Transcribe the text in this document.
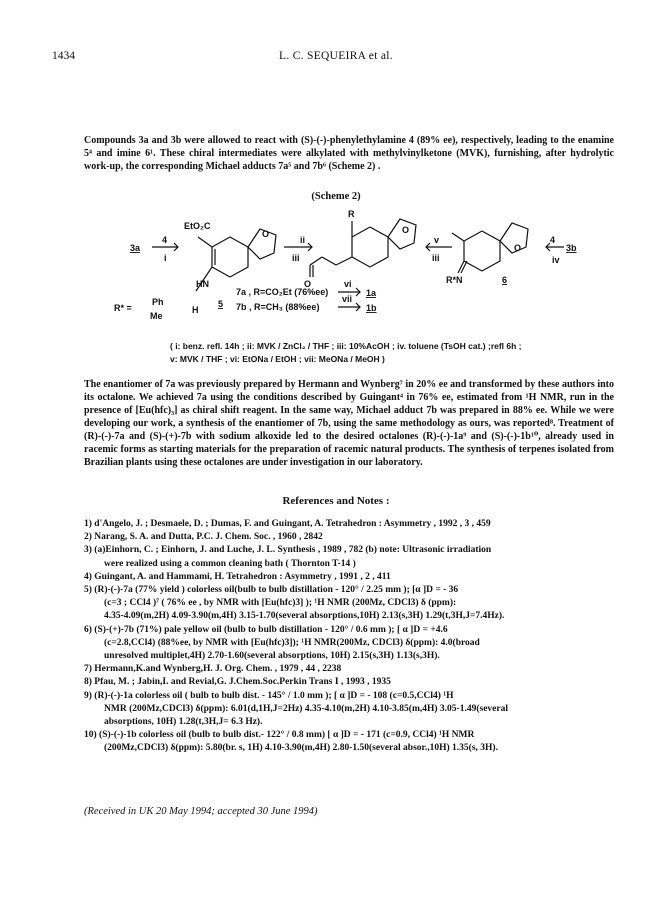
1434	L. C. SEQUEIRA et al.
Compounds 3a and 3b were allowed to react with (S)-(-)-phenylethylamine 4 (89% ee), respectively, leading to the enamine 5⁴ and imine 6¹. These chiral intermediates were alkylated with methylvinylketone (MVK), furnishing, after hydrolytic work-up, the corresponding Michael adducts 7a⁵ and 7b⁶ (Scheme 2) .
(Scheme 2)
EtO₂C
3a
4
i
O
HN
R* =
Ph
Me
H
5
ii
iii
R
O
O
v
iii
O
4
3b
iv
R*N	6
7a , R=CO₂Et (76%ee)
7b , R=CH₃ (88%ee)
vi
vii
1a
1b
( i: benz. refl. 14h ; ii: MVK / ZnCl₂ / THF ; iii: 10%AcOH ; iv. toluene (TsOH cat.) ;refl 6h ; v: MVK / THF ; vi: EtONa / EtOH ; vii: MeONa / MeOH )
The enantiomer of 7a was previously prepared by Hermann and Wynberg⁷ in 20% ee and transformed by these authors into its octalone. We achieved 7a using the conditions described by Guingant⁴ in 76% ee, estimated from ¹H NMR, run in the presence of [Eu(hfc)₃] as chiral shift reagent. In the same way, Michael adduct 7b was prepared in 88% ee. While we were developing our work, a synthesis of the enantiomer of 7b, using the same methodology as ours, was reported⁸. Treatment of (R)-(-)-7a and (S)-(+)-7b with sodium alkoxide led to the desired octalones (R)-(-)-1a⁹ and (S)-(-)-1b¹⁰, already used in racemic forms as starting materials for the preparation of racemic natural products. The synthesis of terpenes isolated from Brazilian plants using these octalones are under investigation in our laboratory.
References and Notes :
1) d'Angelo, J. ; Desmaele, D. ; Dumas, F. and Guingant, A. Tetrahedron : Asymmetry , 1992 , 3 , 459
2) Narang, S. A. and Dutta, P.C. J. Chem. Soc. , 1960 , 2842
3) (a)Einhorn, C. ; Einhorn, J. and Luche, J. L. Synthesis , 1989 , 782 (b) note: Ultrasonic irradiation
were realized using a common cleaning bath ( Thornton T-14 )
4) Guingant, A. and Hammami, H. Tetrahedron : Asymmetry , 1991 , 2 , 411
5) (R)-(-)-7a (77% yield ) colorless oil(bulb to bulb distillation - 120° / 2.25 mm ); [α ]D = - 36
(c=3 ; CCl4 )⁷ ( 76% ee , by NMR with [Eu(hfc)3] ); ¹H NMR (200Mz, CDCl3) δ (ppm):
4.35-4.09(m,2H) 4.09-3.90(m,4H) 3.15-1.70(several absorptions,10H) 2.13(s,3H) 1.29(t,3H,J=7.4Hz).
6) (S)-(+)-7b (71%) pale yellow oil (bulb to bulb distillation - 120° / 0.6 mm ); [ α ]D = +4.6
(c=2.8,CCl4) (88%ee, by NMR with [Eu(hfc)3]); ¹H NMR(200Mz, CDCl3) δ(ppm): 4.0(broad
unresolved multiplet,4H) 2.70-1.60(several absorptions, 10H) 2.15(s,3H) 1.13(s,3H).
7) Hermann,K.and Wynberg,H. J. Org. Chem. , 1979 , 44 , 2238
8) Pfau, M. ; Jabin,I. and Revial,G. J.Chem.Soc.Perkin Trans I , 1993 , 1935
9) (R)-(-)-1a colorless oil ( bulb to bulb dist. - 145° / 1.0 mm ); [ α ]D = - 108 (c=0.5,CCl4) ¹H
NMR (200Mz,CDCl3) δ(ppm): 6.01(d,1H,J=2Hz) 4.35-4.10(m,2H) 4.10-3.85(m,4H) 3.05-1.49(several
absorptions, 10H) 1.28(t,3H,J= 6.3 Hz).
10) (S)-(-)-1b colorless oil (bulb to bulb dist.- 122° / 0.8 mm) [ α ]D = - 171 (c=0.9, CCl4) ¹H NMR
(200Mz,CDCl3) δ(ppm): 5.80(br. s, 1H) 4.10-3.90(m,4H) 2.80-1.50(several absor.,10H) 1.35(s, 3H).
(Received in UK 20 May 1994; accepted 30 June 1994)
